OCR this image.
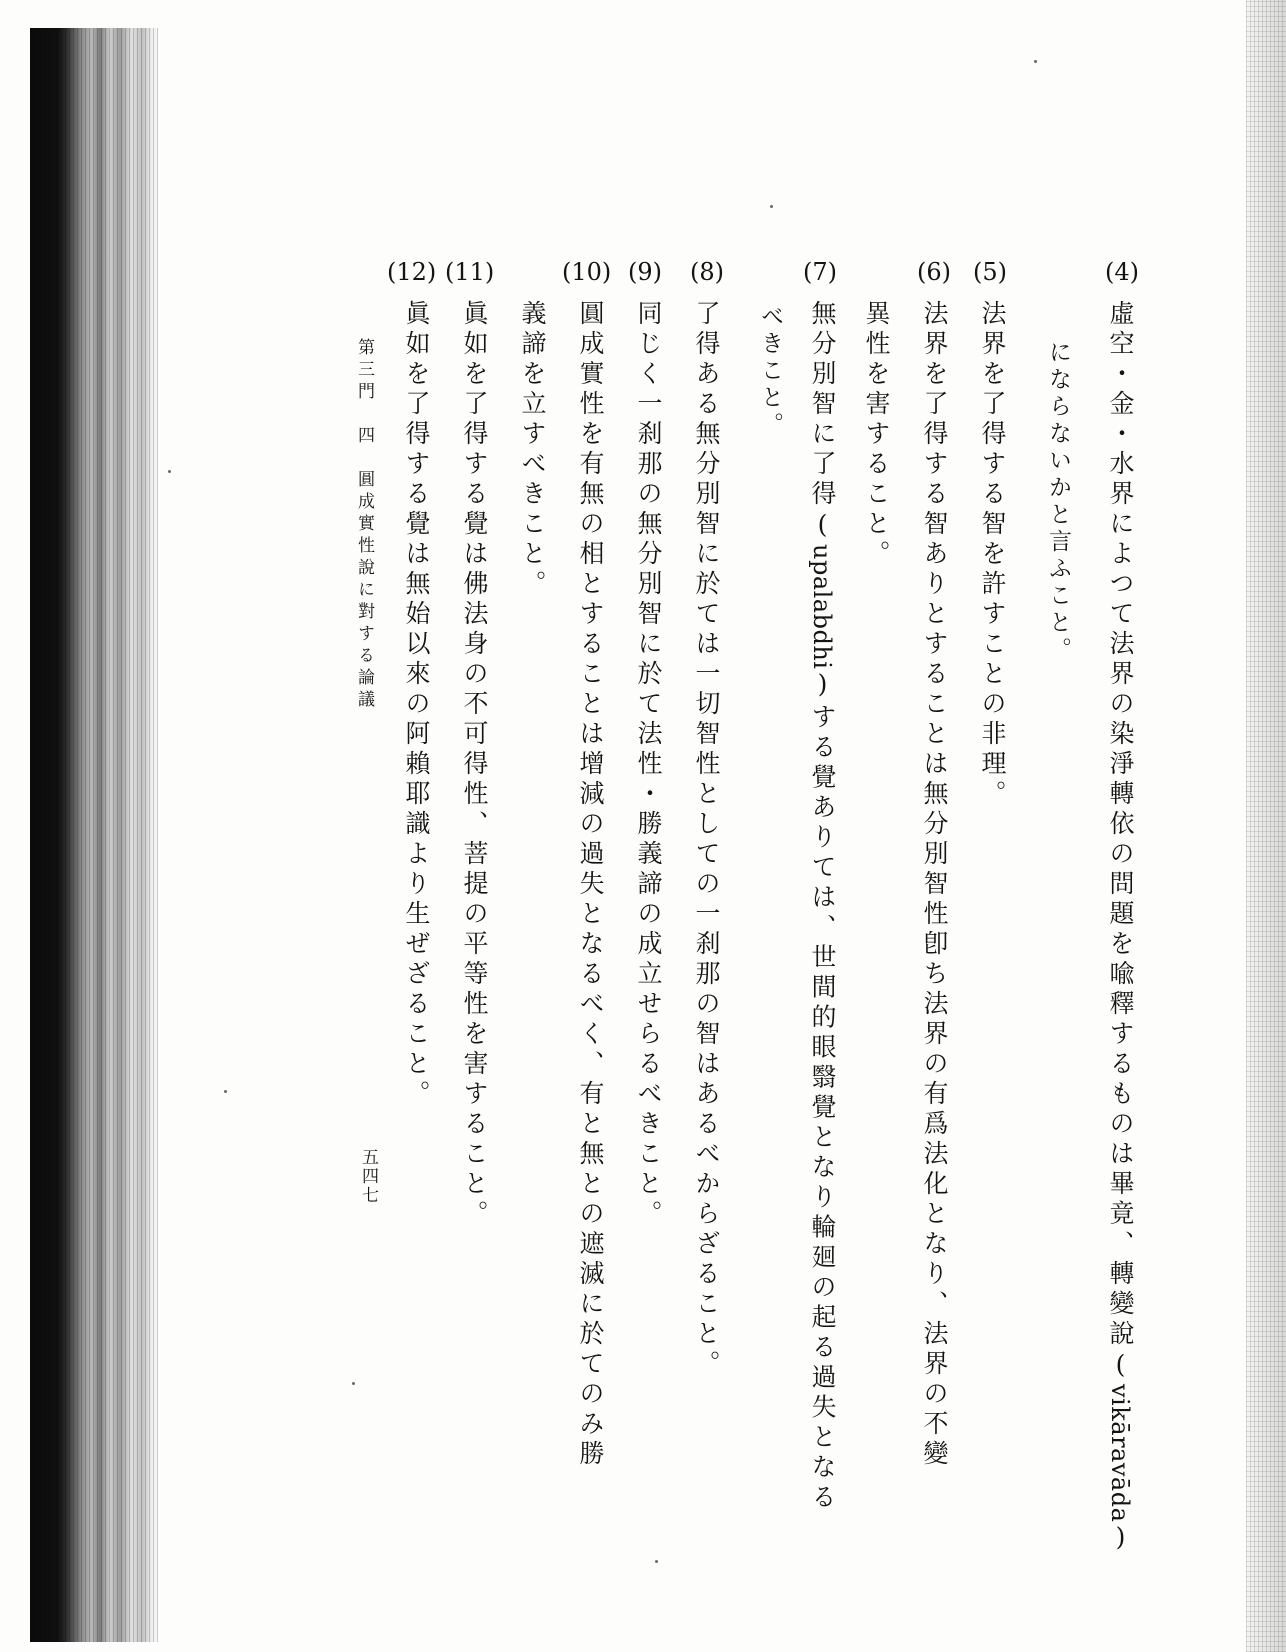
(4)
虛空・金・水界によつて法界の染淨轉依の問題を喩釋するものは畢竟、轉變說(vikāravāda)
にならないかと言ふこと。
(5)
法界を了得する智を許すことの非理。
(6)
法界を了得する智ありとすることは無分別智性卽ち法界の有爲法化となり、法界の不變
異性を害すること。
(7)
無分別智に了得(upalabdhi)する覺ありては、世間的眼翳覺となり輪廻の起る過失となる
べきこと。
(8)
了得ある無分別智に於ては一切智性としての一刹那の智はあるべからざること。
(9)
同じく一刹那の無分別智に於て法性・勝義諦の成立せらるべきこと。
(10)
圓成實性を有無の相とすることは增減の過失となるべく、有と無との遮滅に於てのみ勝
義諦を立すべきこと。
(11)
眞如を了得する覺は佛法身の不可得性、菩提の平等性を害すること。
(12)
眞如を了得する覺は無始以來の阿賴耶識より生ぜざること。
第三門　四　圓成實性說に對する論議
五四七
